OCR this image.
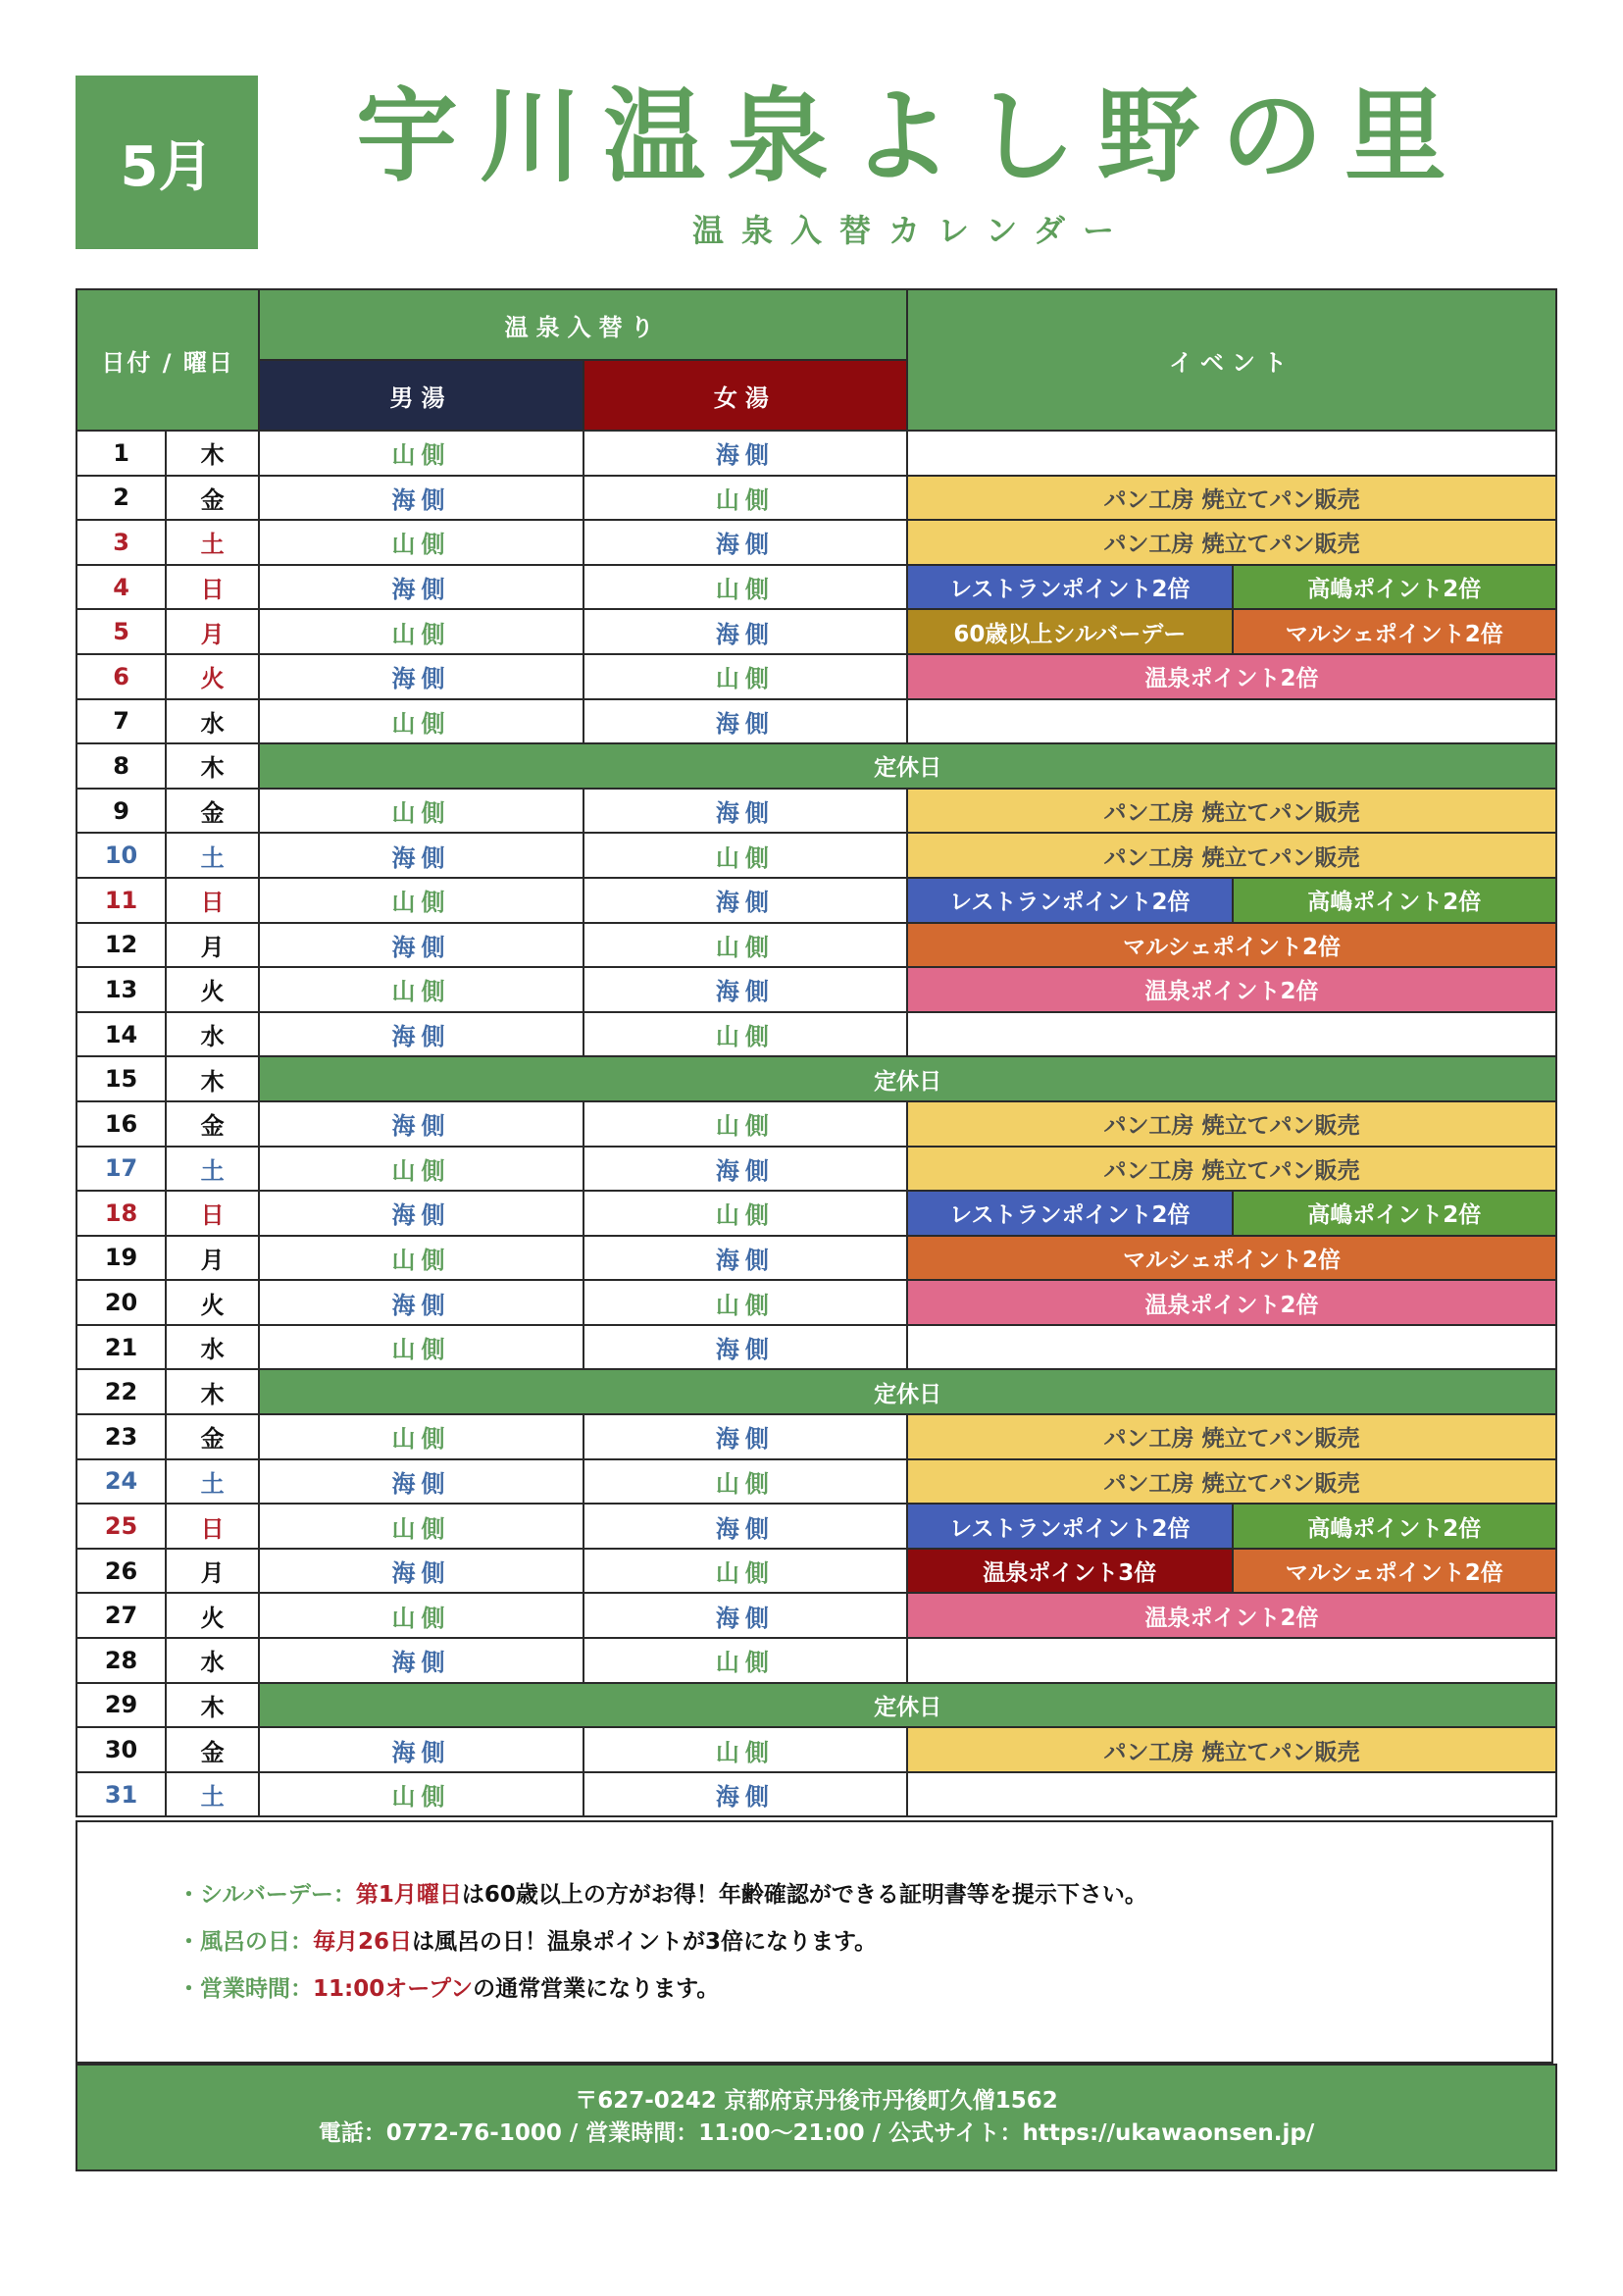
5月 宇川温泉よし野の里
温泉入替カレンダー
日付 / 曜日		温泉入替り		イベント	
		男湯	女湯		
1	木	山側	海側		
2	金	海側	山側	パン工房 焼立てパン販売	
3	土	山側	海側	パン工房 焼立てパン販売	
4	日	海側	山側	レストランポイント2倍	高嶋ポイント2倍
5	月	山側	海側	60歳以上シルバーデー	マルシェポイント2倍
6	火	海側	山側	温泉ポイント2倍	
7	水	山側	海側		
8	木	定休日			
9	金	山側	海側	パン工房 焼立てパン販売	
10	土	海側	山側	パン工房 焼立てパン販売	
11	日	山側	海側	レストランポイント2倍	高嶋ポイント2倍
12	月	海側	山側	マルシェポイント2倍	
13	火	山側	海側	温泉ポイント2倍	
14	水	海側	山側		
15	木	定休日			
16	金	海側	山側	パン工房 焼立てパン販売	
17	土	山側	海側	パン工房 焼立てパン販売	
18	日	海側	山側	レストランポイント2倍	高嶋ポイント2倍
19	月	山側	海側	マルシェポイント2倍	
20	火	海側	山側	温泉ポイント2倍	
21	水	山側	海側		
22	木	定休日			
23	金	山側	海側	パン工房 焼立てパン販売	
24	土	海側	山側	パン工房 焼立てパン販売	
25	日	山側	海側	レストランポイント2倍	高嶋ポイント2倍
26	月	海側	山側	温泉ポイント3倍	マルシェポイント2倍
27	火	山側	海側	温泉ポイント2倍	
28	水	海側	山側		
29	木	定休日			
30	金	海側	山側	パン工房 焼立てパン販売	
31	土	山側	海側		
・シルバーデー：第1月曜日は60歳以上の方がお得！年齢確認ができる証明書等を提示下さい。
・風呂の日：毎月26日は風呂の日！温泉ポイントが3倍になります。
・営業時間：11:00オープンの通常営業になります。
〒627-0242 京都府京丹後市丹後町久僧1562
電話：0772-76-1000 / 営業時間：11:00〜21:00 / 公式サイト：https://ukawaonsen.jp/
